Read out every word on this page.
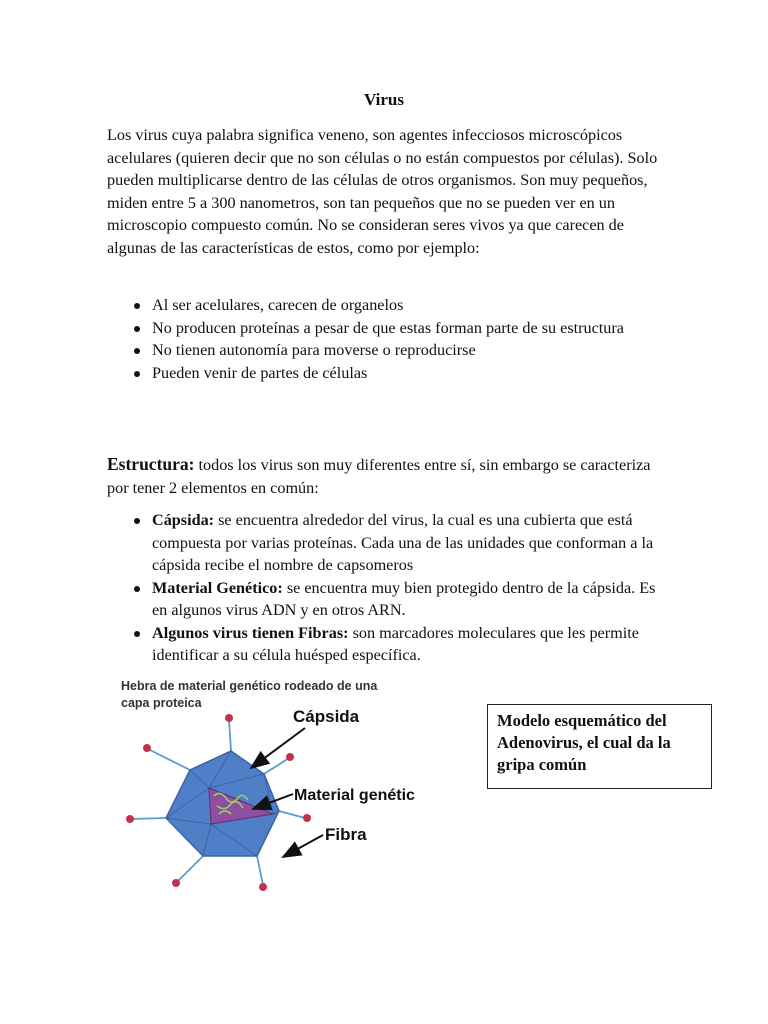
Virus

Los virus cuya palabra significa veneno, son agentes infecciosos microscópicos acelulares (quieren decir que no son células o no están compuestos por células). Solo pueden multiplicarse dentro de las células de otros organismos. Son muy pequeños, miden entre 5 a 300 nanometros, son tan pequeños que no se pueden ver en un microscopio compuesto común. No se consideran seres vivos ya que carecen de algunas de las características de estos, como por ejemplo:

Al ser acelulares, carecen de organelos
No producen proteínas a pesar de que estas forman parte de su estructura
No tienen autonomía para moverse o reproducirse
Pueden venir de partes de células

Estructura: todos los virus son muy diferentes entre sí, sin embargo se caracteriza por tener 2 elementos en común:

Cápsida: se encuentra alrededor del virus, la cual es una cubierta que está compuesta por varias proteínas. Cada una de las unidades que conforman a la cápsida recibe el nombre de capsomeros
Material Genético: se encuentra muy bien protegido dentro de la cápsida. Es en algunos virus ADN y en otros ARN.
Algunos virus tienen Fibras: son marcadores moleculares que les permite identificar a su célula huésped específica.
Hebra de material genético rodeado de una
capa proteica
Cápsida
Material genétic
Fibra
Modelo esquemático del Adenovirus, el cual da la gripa común
